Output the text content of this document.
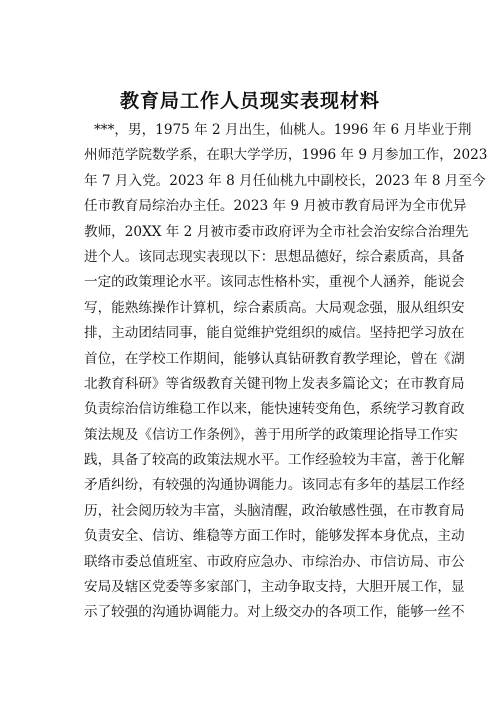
教育局工作人员现实表现材料
***，男，1975 年 2 月出生，仙桃人。1996 年 6 月毕业于荆
州师范学院数学系，在职大学学历，1996 年 9 月参加工作，2023
年 7 月入党。2023 年 8 月任仙桃九中副校长，2023 年 8 月至今
任市教育局综治办主任。2023 年 9 月被市教育局评为全市优异
教师，20XX 年 2 月被市委市政府评为全市社会治安综合治理先
进个人。该同志现实表现以下：思想品德好，综合素质高，具备
一定的政策理论水平。该同志性格朴实，重视个人涵养，能说会
写，能熟练操作计算机，综合素质高。大局观念强，服从组织安
排，主动团结同事，能自觉维护党组织的威信。坚持把学习放在
首位，在学校工作期间，能够认真钻研教育教学理论，曾在《湖
北教育科研》等省级教育关键刊物上发表多篇论文；在市教育局
负责综治信访维稳工作以来，能快速转变角色，系统学习教育政
策法规及《信访工作条例》，善于用所学的政策理论指导工作实
践，具备了较高的政策法规水平。工作经验较为丰富，善于化解
矛盾纠纷，有较强的沟通协调能力。该同志有多年的基层工作经
历，社会阅历较为丰富，头脑清醒，政治敏感性强，在市教育局
负责安全、信访、维稳等方面工作时，能够发挥本身优点，主动
联络市委总值班室、市政府应急办、市综治办、市信访局、市公
安局及辖区党委等多家部门，主动争取支持，大胆开展工作，显
示了较强的沟通协调能力。对上级交办的各项工作，能够一丝不
